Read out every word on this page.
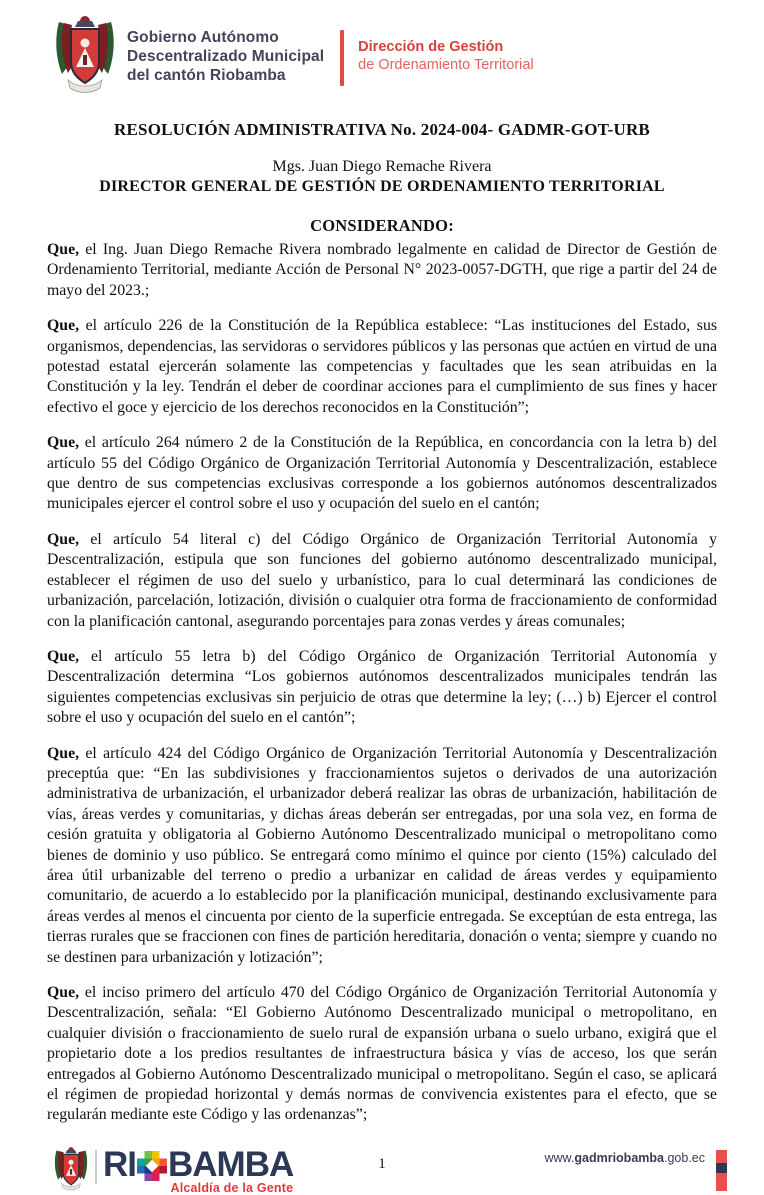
Gobierno Autónomo
Descentralizado Municipal
del cantón Riobamba
Dirección de Gestión
de Ordenamiento Territorial
RESOLUCIÓN ADMINISTRATIVA No. 2024-004- GADMR-GOT-URB
Mgs. Juan Diego Remache Rivera
DIRECTOR GENERAL DE GESTIÓN DE ORDENAMIENTO TERRITORIAL
CONSIDERANDO:

Que, el Ing. Juan Diego Remache Rivera nombrado legalmente en calidad de Director de Gestión de Ordenamiento Territorial, mediante Acción de Personal N° 2023-0057-DGTH, que rige a partir del 24 de mayo del 2023.;

Que, el artículo 226 de la Constitución de la República establece: “Las instituciones del Estado, sus organismos, dependencias, las servidoras o servidores públicos y las personas que actúen en virtud de una potestad estatal ejercerán solamente las competencias y facultades que les sean atribuidas en la Constitución y la ley. Tendrán el deber de coordinar acciones para el cumplimiento de sus fines y hacer efectivo el goce y ejercicio de los derechos reconocidos en la Constitución”;

Que, el artículo 264 número 2 de la Constitución de la República, en concordancia con la letra b) del artículo 55 del Código Orgánico de Organización Territorial Autonomía y Descentralización, establece que dentro de sus competencias exclusivas corresponde a los gobiernos autónomos descentralizados municipales ejercer el control sobre el uso y ocupación del suelo en el cantón;

Que, el artículo 54 literal c) del Código Orgánico de Organización Territorial Autonomía y Descentralización, estipula que son funciones del gobierno autónomo descentralizado municipal, establecer el régimen de uso del suelo y urbanístico, para lo cual determinará las condiciones de urbanización, parcelación, lotización, división o cualquier otra forma de fraccionamiento de conformidad con la planificación cantonal, asegurando porcentajes para zonas verdes y áreas comunales;

Que, el artículo 55 letra b) del Código Orgánico de Organización Territorial Autonomía y Descentralización determina “Los gobiernos autónomos descentralizados municipales tendrán las siguientes competencias exclusivas sin perjuicio de otras que determine la ley; (…) b) Ejercer el control sobre el uso y ocupación del suelo en el cantón”;

Que, el artículo 424 del Código Orgánico de Organización Territorial Autonomía y Descentralización preceptúa que: “En las subdivisiones y fraccionamientos sujetos o derivados de una autorización administrativa de urbanización, el urbanizador deberá realizar las obras de urbanización, habilitación de vías, áreas verdes y comunitarias, y dichas áreas deberán ser entregadas, por una sola vez, en forma de cesión gratuita y obligatoria al Gobierno Autónomo Descentralizado municipal o metropolitano como bienes de dominio y uso público. Se entregará como mínimo el quince por ciento (15%) calculado del área útil urbanizable del terreno o predio a urbanizar en calidad de áreas verdes y equipamiento comunitario, de acuerdo a lo establecido por la planificación municipal, destinando exclusivamente para áreas verdes al menos el cincuenta por ciento de la superficie entregada. Se exceptúan de esta entrega, las tierras rurales que se fraccionen con fines de partición hereditaria, donación o venta; siempre y cuando no se destinen para urbanización y lotización”;

Que, el inciso primero del artículo 470 del Código Orgánico de Organización Territorial Autonomía y Descentralización, señala: “El Gobierno Autónomo Descentralizado municipal o metropolitano, en cualquier división o fraccionamiento de suelo rural de expansión urbana o suelo urbano, exigirá que el propietario dote a los predios resultantes de infraestructura básica y vías de acceso, los que serán entregados al Gobierno Autónomo Descentralizado municipal o metropolitano. Según el caso, se aplicará el régimen de propiedad horizontal y demás normas de convivencia existentes para el efecto, que se regularán mediante este Código y las ordenanzas”;

RI BAMBA
Alcaldía de la Gente
1	www.gadmriobamba.gob.ec
